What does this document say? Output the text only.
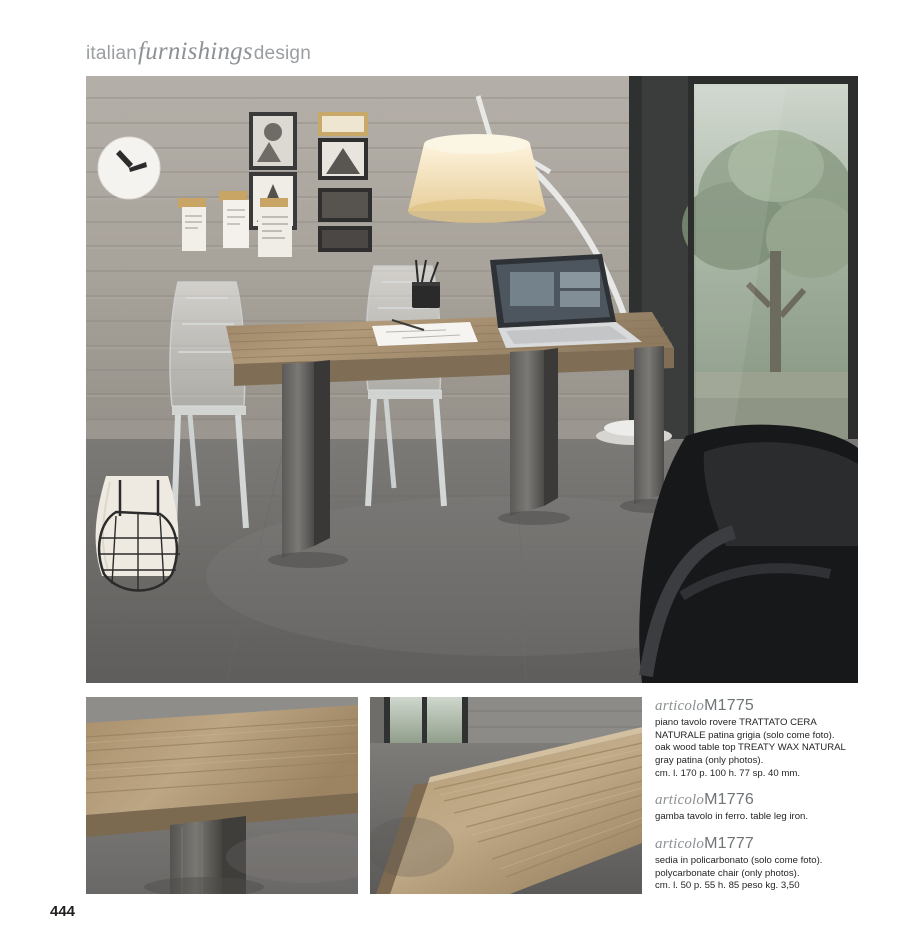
italianfurnishingsdesign
articoloM1775
piano tavolo rovere TRATTATO CERA
NATURALE patina grigia (solo come foto).
oak wood table top TREATY WAX NATURAL
gray patina (only photos).
cm. l. 170 p. 100 h. 77 sp. 40 mm.
articoloM1776
gamba tavolo in ferro. table leg iron.
articoloM1777
sedia in policarbonato (solo come foto).
polycarbonate chair (only photos).
cm. l. 50 p. 55 h. 85 peso kg. 3,50
444
